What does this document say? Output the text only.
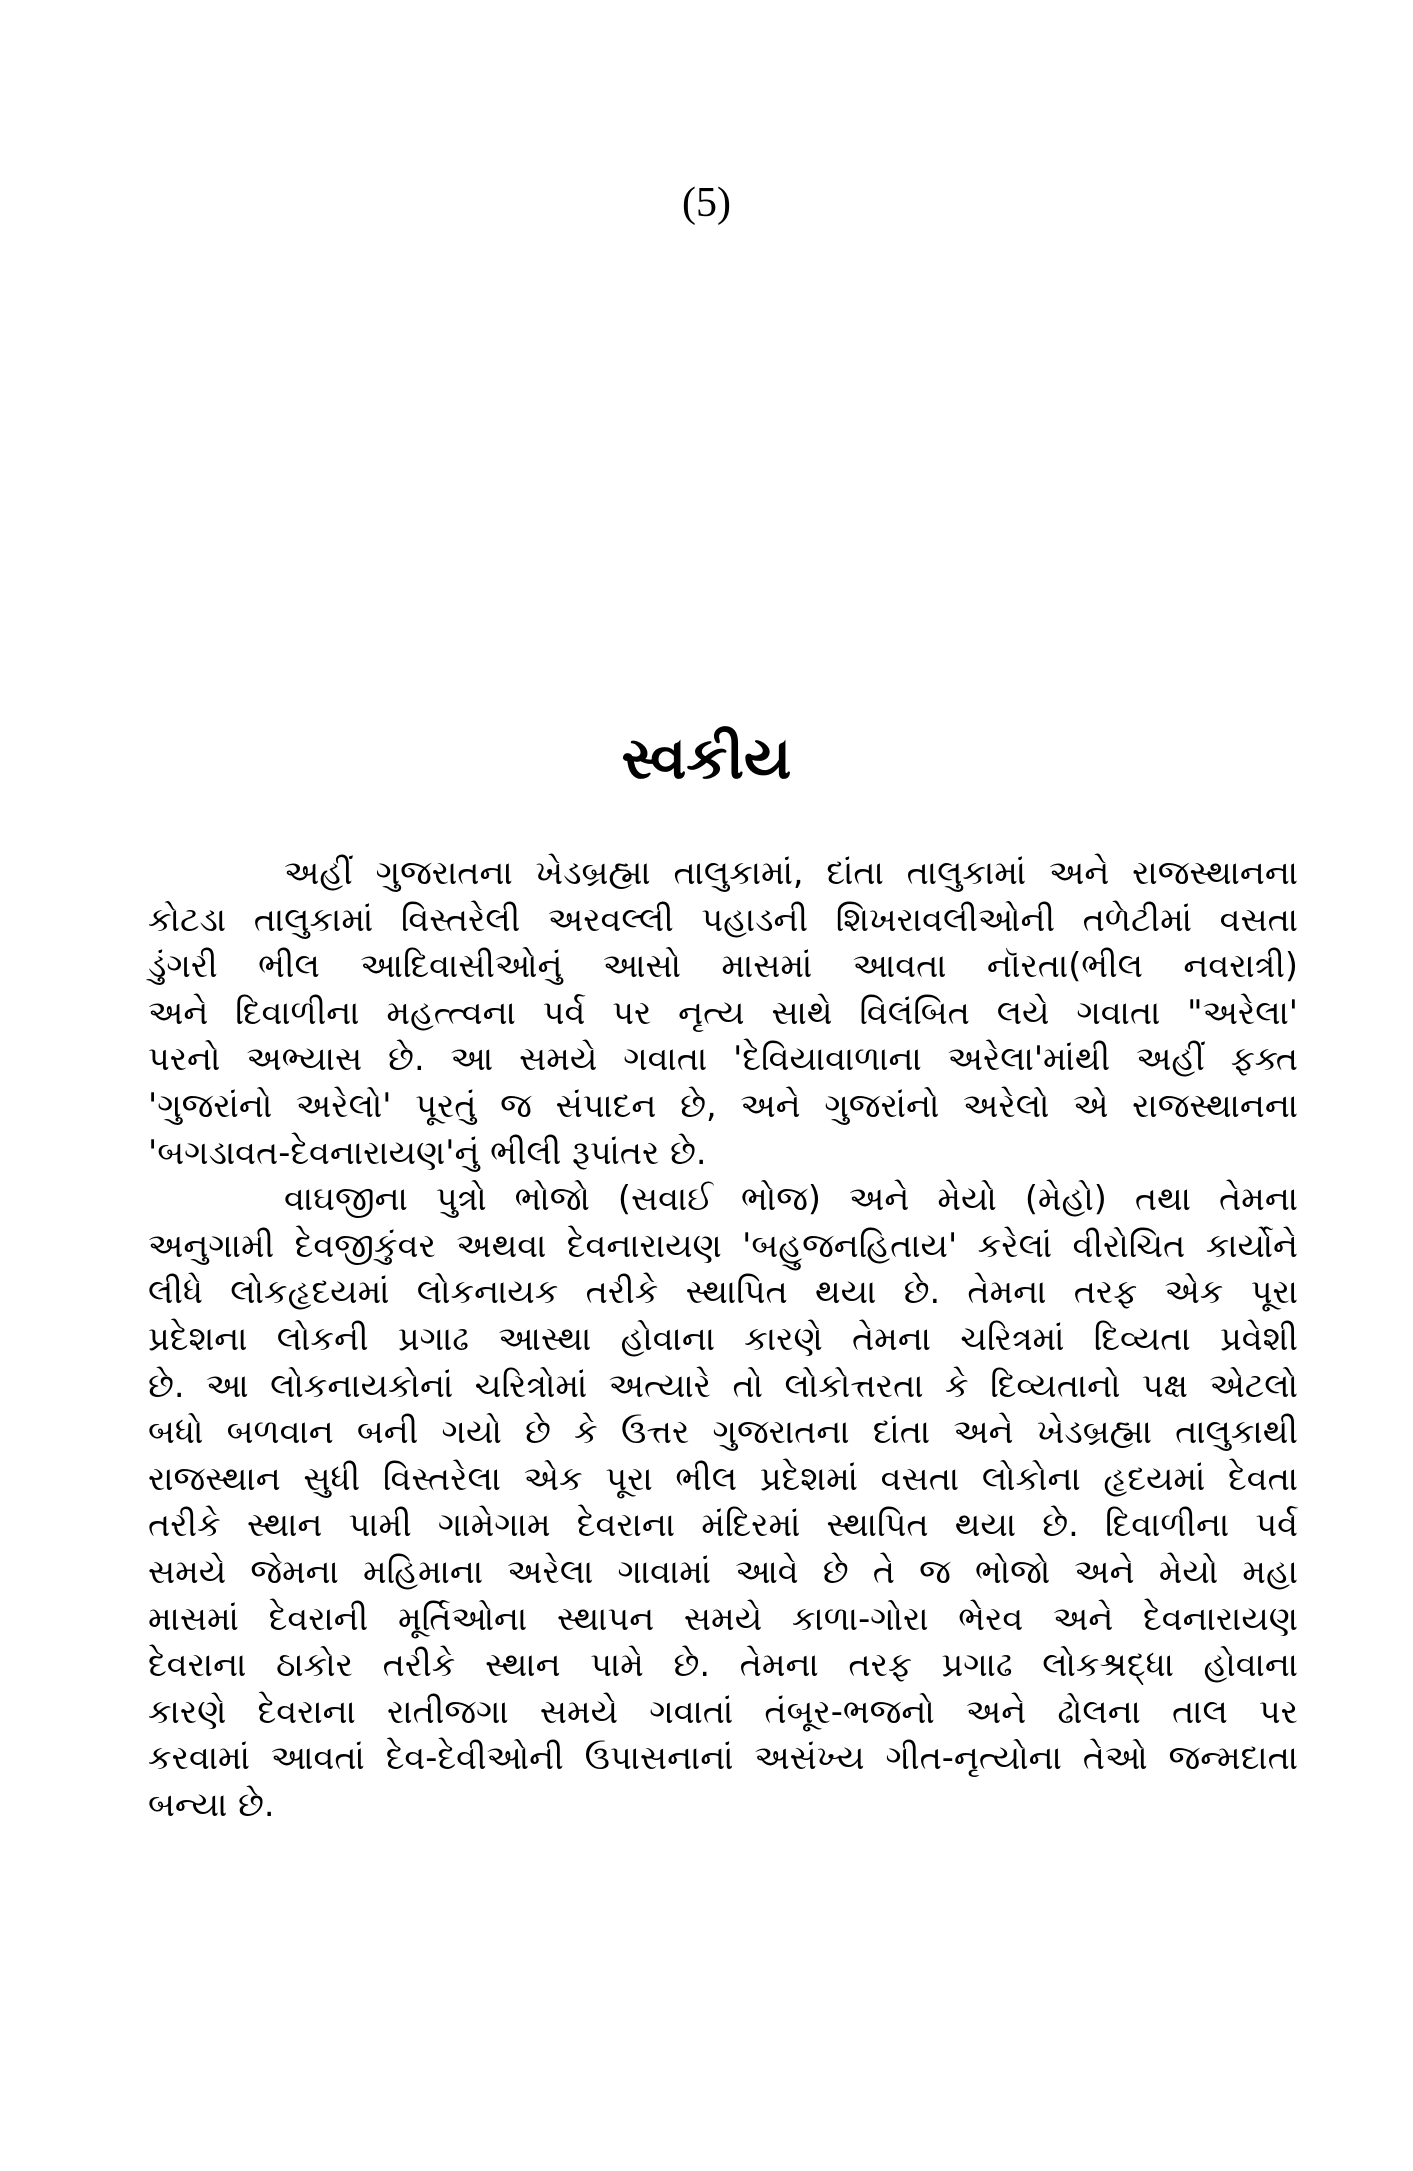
(5)
સ્વકીય

અહીં ગુજરાતના ખેડબ્રહ્મા તાલુકામાં, દાંતા તાલુકામાં અને રાજસ્થાનના
કોટડા તાલુકામાં વિસ્તરેલી અરવલ્લી પહાડની શિખરાવલીઓની તળેટીમાં વસતા
ડુંગરી ભીલ આદિવાસીઓનું આસો માસમાં આવતા નૉરતા(ભીલ નવરાત્રી)
અને દિવાળીના મહત્ત્વના પર્વ પર નૃત્ય સાથે વિલંબિત લયે ગવાતા "અરેલા'
પરનો અભ્યાસ છે. આ સમયે ગવાતા 'દેવિયાવાળાના અરેલા'માંથી અહીં ફક્ત
'ગુજરાંનો અરેલો' પૂરતું જ સંપાદન છે, અને ગુજરાંનો અરેલો એ રાજસ્થાનના
'બગડાવત-દેવનારાયણ'નું ભીલી રૂપાંતર છે.

વાઘજીના પુત્રો ભોજો (સવાઈ ભોજ) અને મેયો (મેહો) તથા તેમના
અનુગામી દેવજીકુંવર અથવા દેવનારાયણ 'બહુજનહિતાય' કરેલાં વીરોચિત કાર્યોને
લીધે લોકહૃદયમાં લોકનાયક તરીકે સ્થાપિત થયા છે. તેમના તરફ એક પૂરા
પ્રદેશના લોકની પ્રગાઢ આસ્થા હોવાના કારણે તેમના ચરિત્રમાં દિવ્યતા પ્રવેશી
છે. આ લોકનાયકોનાં ચરિત્રોમાં અત્યારે તો લોકોત્તરતા કે દિવ્યતાનો પક્ષ એટલો
બધો બળવાન બની ગયો છે કે ઉત્તર ગુજરાતના દાંતા અને ખેડબ્રહ્મા તાલુકાથી
રાજસ્થાન સુધી વિસ્તરેલા એક પૂરા ભીલ પ્રદેશમાં વસતા લોકોના હૃદયમાં દેવતા
તરીકે સ્થાન પામી ગામેગામ દેવરાના મંદિરમાં સ્થાપિત થયા છે. દિવાળીના પર્વ
સમયે જેમના મહિમાના અરેલા ગાવામાં આવે છે તે જ ભોજો અને મેયો મહા
માસમાં દેવરાની મૂર્તિઓના સ્થાપન સમયે કાળા-ગોરા ભેરવ અને દેવનારાયણ
દેવરાના ઠાકોર તરીકે સ્થાન પામે છે. તેમના તરફ પ્રગાઢ લોકશ્રદ્ધા હોવાના
કારણે દેવરાના રાતીજગા સમયે ગવાતાં તંબૂર-ભજનો અને ઢોલના તાલ પર
કરવામાં આવતાં દેવ-દેવીઓની ઉપાસનાનાં અસંખ્ય ગીત-નૃત્યોના તેઓ જન્મદાતા
બન્યા છે.
